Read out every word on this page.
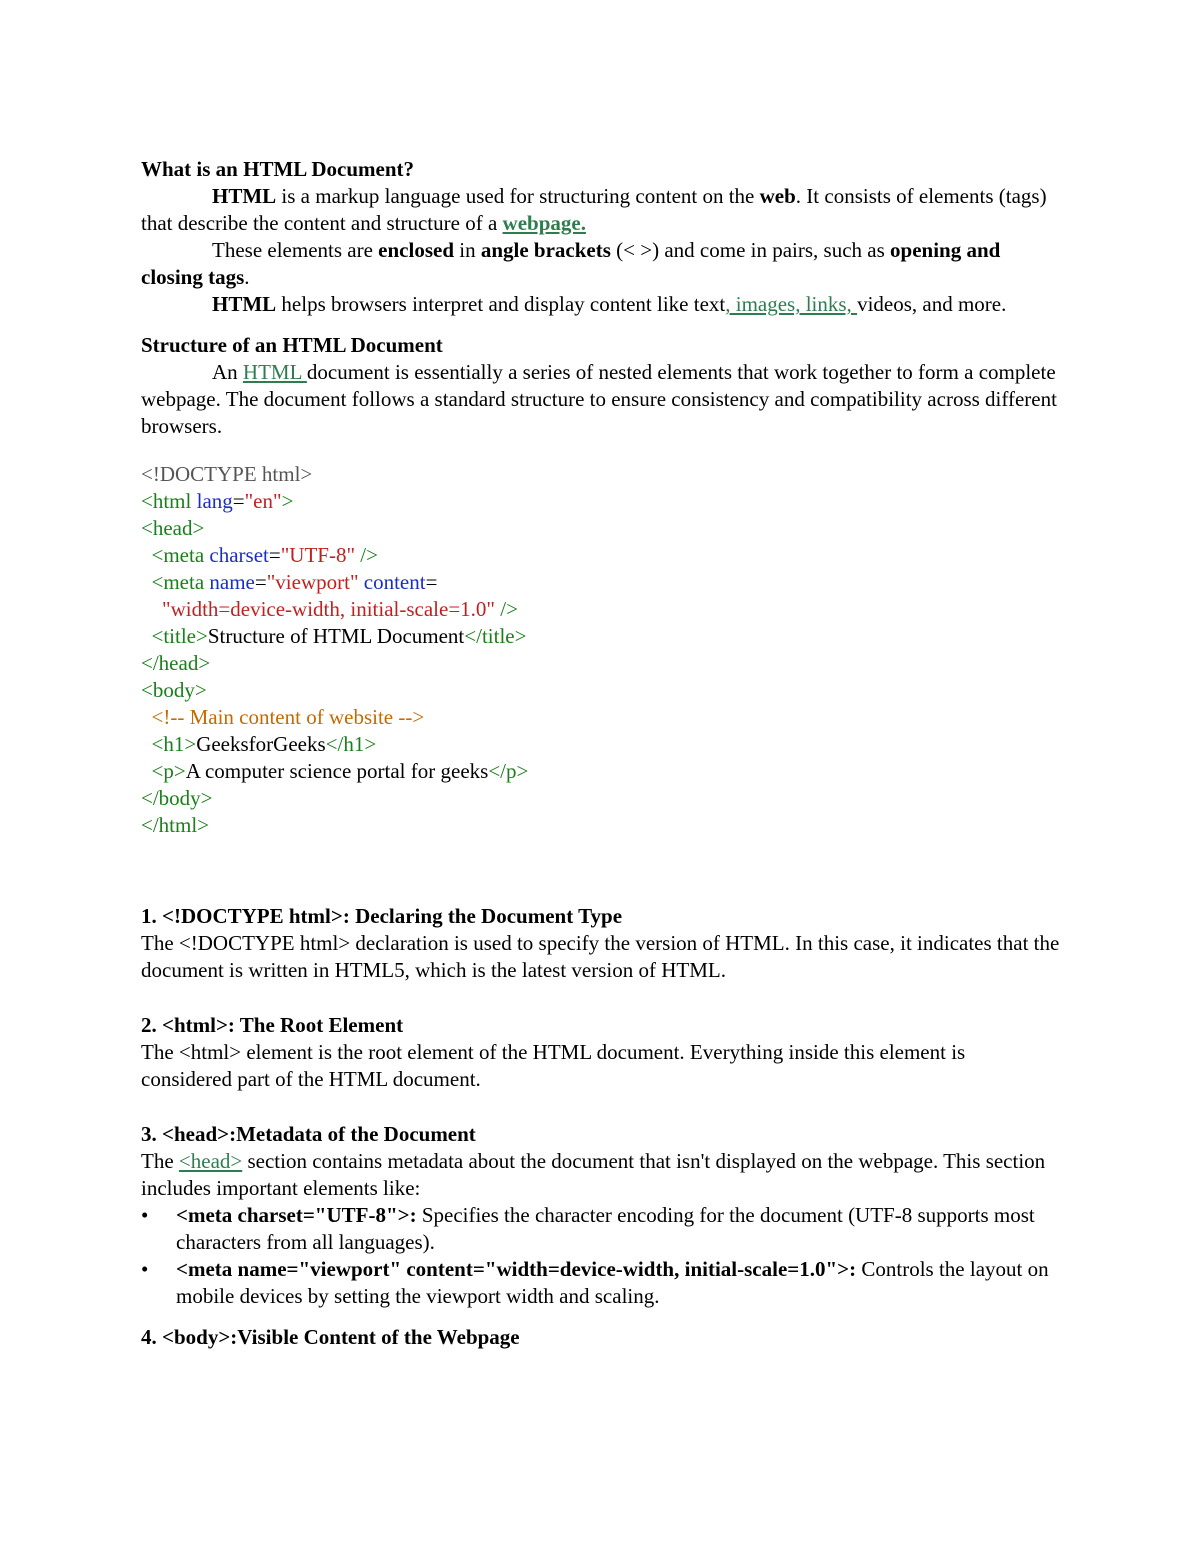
What is an HTML Document?

HTML is a markup language used for structuring content on the web. It consists of elements (tags) that describe the content and structure of a webpage.

These elements are enclosed in angle brackets (< >) and come in pairs, such as opening and closing tags.

HTML helps browsers interpret and display content like text, images, links, videos, and more.

Structure of an HTML Document

An HTML document is essentially a series of nested elements that work together to form a complete webpage. The document follows a standard structure to ensure consistency and compatibility across different browsers.

<!DOCTYPE html>
<html lang="en">
<head>
<meta charset="UTF-8" />
<meta name="viewport" content=
"width=device-width, initial-scale=1.0" />
<title>Structure of HTML Document</title>
</head>
<body>
<!-- Main content of website -->
<h1>GeeksforGeeks</h1>
<p>A computer science portal for geeks</p>
</body>
</html>

1. <!DOCTYPE html>: Declaring the Document Type

The <!DOCTYPE html> declaration is used to specify the version of HTML. In this case, it indicates that the document is written in HTML5, which is the latest version of HTML.

2. <html>: The Root Element

The <html> element is the root element of the HTML document. Everything inside this element is considered part of the HTML document.

3. <head>:Metadata of the Document

The <head> section contains metadata about the document that isn't displayed on the webpage. This section includes important elements like:

• <meta charset="UTF-8">: Specifies the character encoding for the document (UTF-8 supports most characters from all languages).
• <meta name="viewport" content="width=device-width, initial-scale=1.0">: Controls the layout on mobile devices by setting the viewport width and scaling.

4. <body>:Visible Content of the Webpage
